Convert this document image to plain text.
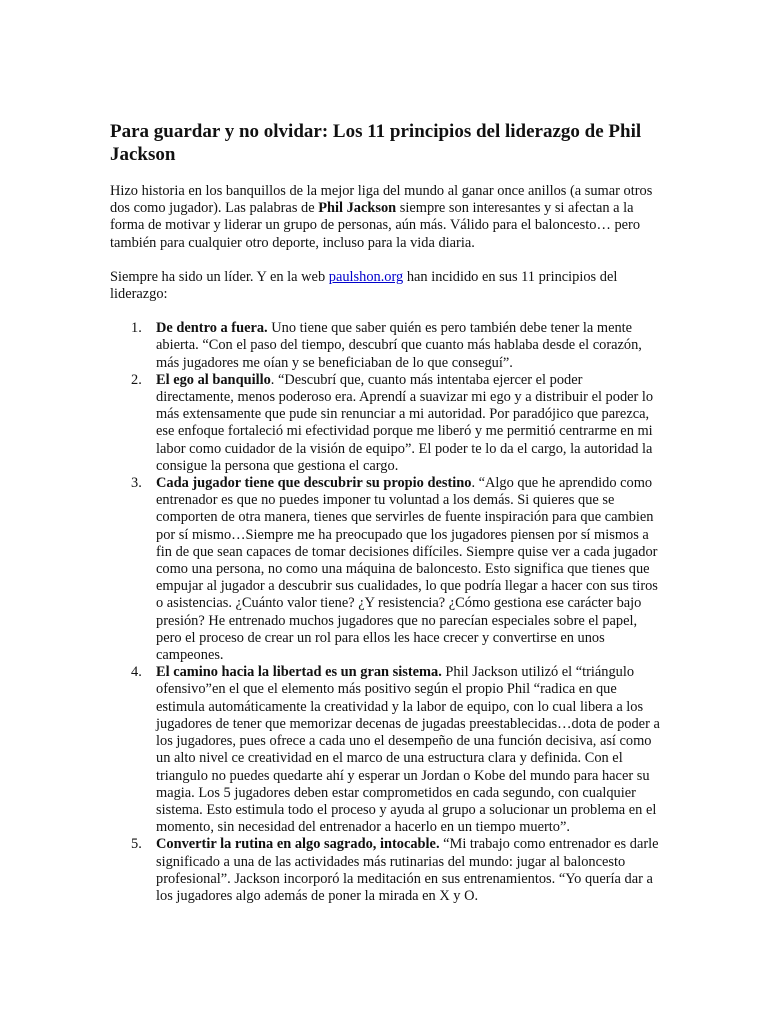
Para guardar y no olvidar: Los 11 principios del liderazgo de Phil Jackson

Hizo historia en los banquillos de la mejor liga del mundo al ganar once anillos (a sumar otros dos como jugador). Las palabras de Phil Jackson siempre son interesantes y si afectan a la forma de motivar y liderar un grupo de personas, aún más. Válido para el baloncesto… pero también para cualquier otro deporte, incluso para la vida diaria.

Siempre ha sido un líder. Y en la web paulshon.org han incidido en sus 11 principios del liderazgo:

1. De dentro a fuera. Uno tiene que saber quién es pero también debe tener la mente abierta. “Con el paso del tiempo, descubrí que cuanto más hablaba desde el corazón, más jugadores me oían y se beneficiaban de lo que conseguí”.
2. El ego al banquillo. “Descubrí que, cuanto más intentaba ejercer el poder directamente, menos poderoso era. Aprendí a suavizar mi ego y a distribuir el poder lo más extensamente que pude sin renunciar a mi autoridad. Por paradójico que parezca, ese enfoque fortaleció mi efectividad porque me liberó y me permitió centrarme en mi labor como cuidador de la visión de equipo”. El poder te lo da el cargo, la autoridad la consigue la persona que gestiona el cargo.
3. Cada jugador tiene que descubrir su propio destino. “Algo que he aprendido como entrenador es que no puedes imponer tu voluntad a los demás. Si quieres que se comporten de otra manera, tienes que servirles de fuente inspiración para que cambien por sí mismo…Siempre me ha preocupado que los jugadores piensen por sí mismos a fin de que sean capaces de tomar decisiones difíciles. Siempre quise ver a cada jugador como una persona, no como una máquina de baloncesto. Esto significa que tienes que empujar al jugador a descubrir sus cualidades, lo que podría llegar a hacer con sus tiros o asistencias. ¿Cuánto valor tiene? ¿Y resistencia? ¿Cómo gestiona ese carácter bajo presión? He entrenado muchos jugadores que no parecían especiales sobre el papel, pero el proceso de crear un rol para ellos les hace crecer y convertirse en unos campeones.
4. El camino hacia la libertad es un gran sistema. Phil Jackson utilizó el “triángulo ofensivo”en el que el elemento más positivo según el propio Phil “radica en que estimula automáticamente la creatividad y la labor de equipo, con lo cual libera a los jugadores de tener que memorizar decenas de jugadas preestablecidas…dota de poder a los jugadores, pues ofrece a cada uno el desempeño de una función decisiva, así como un alto nivel ce creatividad en el marco de una estructura clara y definida. Con el triangulo no puedes quedarte ahí y esperar un Jordan o Kobe del mundo para hacer su magia. Los 5 jugadores deben estar comprometidos en cada segundo, con cualquier sistema. Esto estimula todo el proceso y ayuda al grupo a solucionar un problema en el momento, sin necesidad del entrenador a hacerlo en un tiempo muerto”.
5. Convertir la rutina en algo sagrado, intocable. “Mi trabajo como entrenador es darle significado a una de las actividades más rutinarias del mundo: jugar al baloncesto profesional”. Jackson incorporó la meditación en sus entrenamientos. “Yo quería dar a los jugadores algo además de poner la mirada en X y O.
